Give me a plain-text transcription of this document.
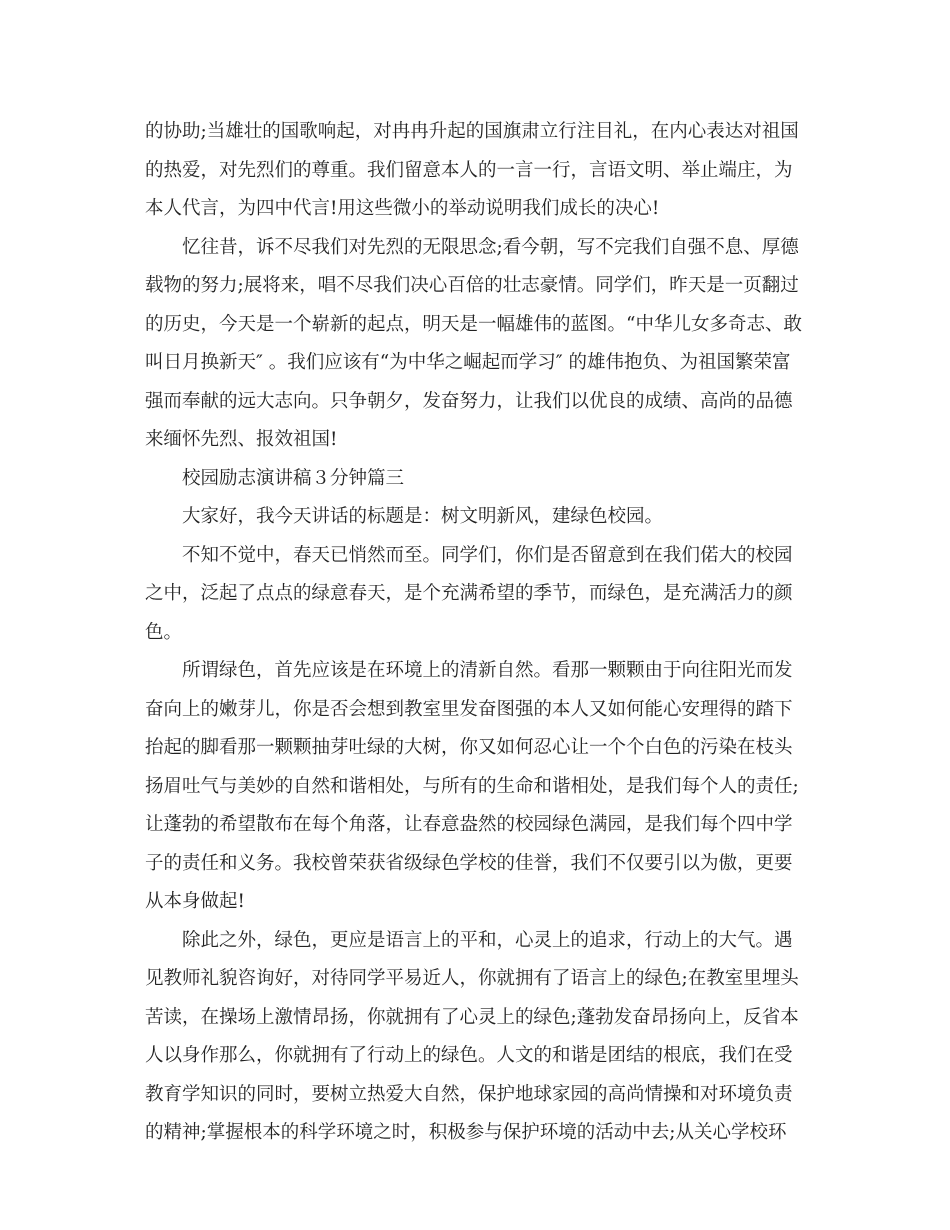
的协助;当雄壮的国歌响起，对冉冉升起的国旗肃立行注目礼，在内心表达对祖国
的热爱，对先烈们的尊重。我们留意本人的一言一行，言语文明、举止端庄，为
本人代言，为四中代言!用这些微小的举动说明我们成长的决心!
　　忆往昔，诉不尽我们对先烈的无限思念;看今朝，写不完我们自强不息、厚德
载物的努力;展将来，唱不尽我们决心百倍的壮志豪情。同学们，昨天是一页翻过
的历史，今天是一个崭新的起点，明天是一幅雄伟的蓝图。“中华儿女多奇志、敢
叫日月换新天″ 。我们应该有“为中华之崛起而学习″ 的雄伟抱负、为祖国繁荣富
强而奉献的远大志向。只争朝夕，发奋努力，让我们以优良的成绩、高尚的品德
来缅怀先烈、报效祖国!
　　校园励志演讲稿３分钟篇三
　　大家好，我今天讲话的标题是：树文明新风，建绿色校园。
　　不知不觉中，春天已悄然而至。同学们，你们是否留意到在我们偌大的校园
之中，泛起了点点的绿意春天，是个充满希望的季节，而绿色，是充满活力的颜
色。
　　所谓绿色，首先应该是在环境上的清新自然。看那一颗颗由于向往阳光而发
奋向上的嫩芽儿，你是否会想到教室里发奋图强的本人又如何能心安理得的踏下
抬起的脚看那一颗颗抽芽吐绿的大树，你又如何忍心让一个个白色的污染在枝头
扬眉吐气与美妙的自然和谐相处，与所有的生命和谐相处，是我们每个人的责任;
让蓬勃的希望散布在每个角落，让春意盎然的校园绿色满园，是我们每个四中学
子的责任和义务。我校曾荣获省级绿色学校的佳誉，我们不仅要引以为傲，更要
从本身做起!
　　除此之外，绿色，更应是语言上的平和，心灵上的追求，行动上的大气。遇
见教师礼貌咨询好，对待同学平易近人，你就拥有了语言上的绿色;在教室里埋头
苦读，在操场上激情昂扬，你就拥有了心灵上的绿色;蓬勃发奋昂扬向上，反省本
人以身作那么，你就拥有了行动上的绿色。人文的和谐是团结的根底，我们在受
教育学知识的同时，要树立热爱大自然，保护地球家园的高尚情操和对环境负责
的精神;掌握根本的科学环境之时，积极参与保护环境的活动中去;从关心学校环
